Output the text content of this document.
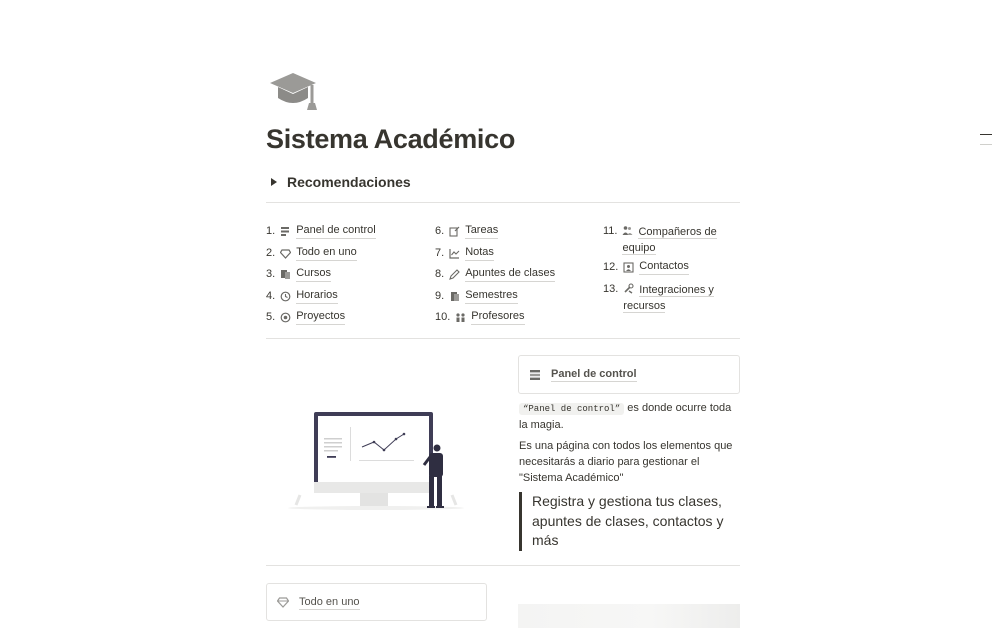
Sistema Académico
Recomendaciones
1. Panel de control
2. Todo en uno
3. Cursos
4. Horarios
5. Proyectos
6. Tareas
7. Notas
8. Apuntes de clases
9. Semestres
10. Profesores
11.	Compañeros de equipo
12. Contactos
13.	Integraciones y recursos
Panel de control
“Panel de control” es donde ocurre toda la magia.
Es una página con todos los elementos que necesitarás a diario para gestionar el "Sistema Académico"
Registra y gestiona tus clases, apuntes de clases, contactos y más
Todo en uno
